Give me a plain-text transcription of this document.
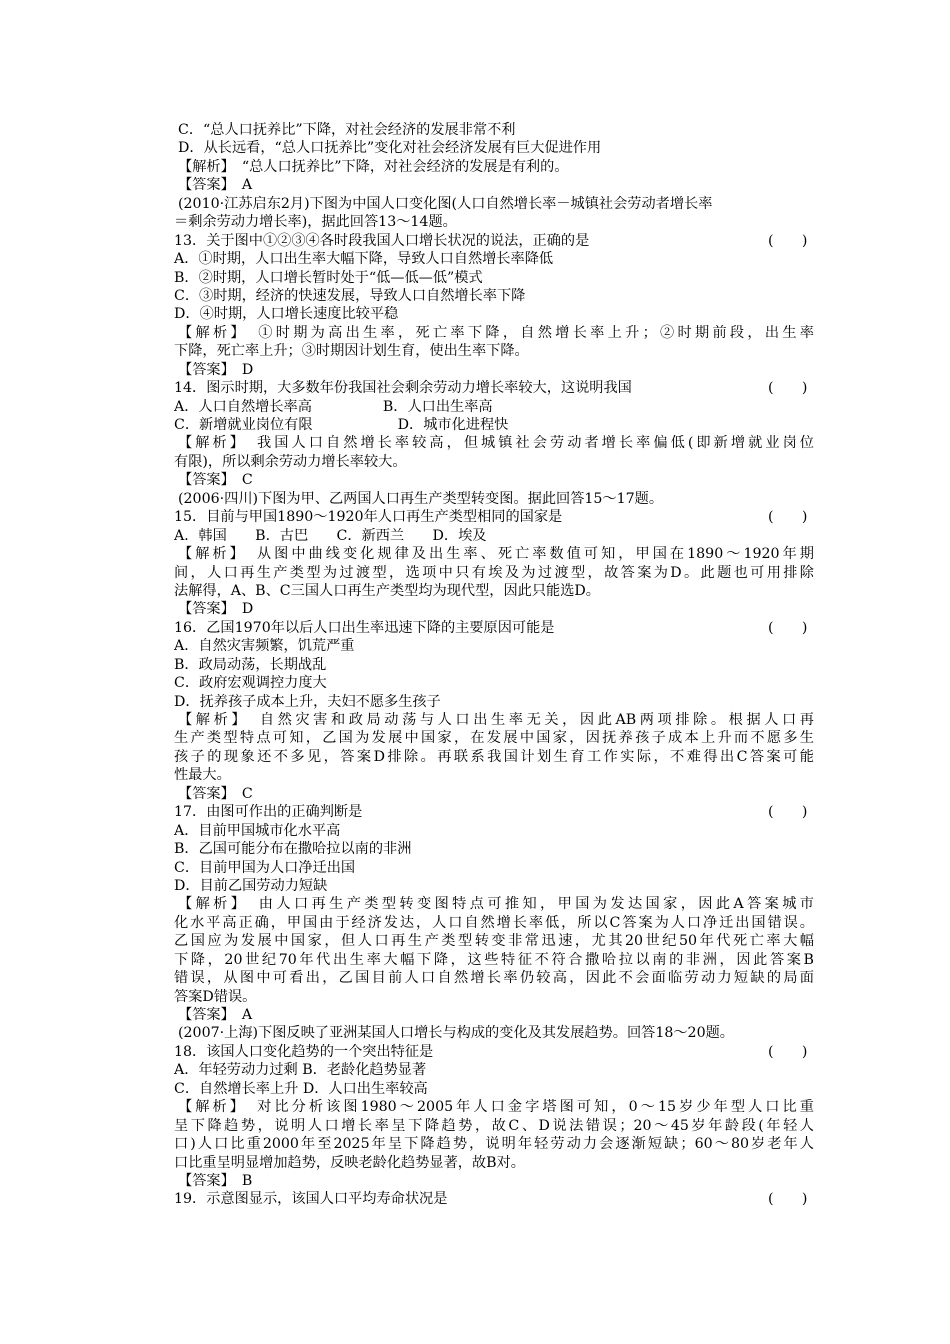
C．“总人口抚养比”下降，对社会经济的发展非常不利
D．从长远看，“总人口抚养比”变化对社会经济发展有巨大促进作用
【解析】　“总人口抚养比”下降，对社会经济的发展是有利的。
【答案】　A
(2010·江苏启东2月)下图为中国人口变化图(人口自然增长率－城镇社会劳动者增长率
＝剩余劳动力增长率)，据此回答13～14题。
13．关于图中①②③④各时段我国人口增长状况的说法，正确的是	(　　)
A．①时期，人口出生率大幅下降，导致人口自然增长率降低
B．②时期，人口增长暂时处于“低—低—低”模式
C．③时期，经济的快速发展，导致人口自然增长率下降
D．④时期，人口增长速度比较平稳
【解析】　①时期为高出生率，死亡率下降，自然增长率上升；②时期前段，出生率
下降，死亡率上升；③时期因计划生育，使出生率下降。
【答案】　D
14．图示时期，大多数年份我国社会剩余劳动力增长率较大，这说明我国	(　　)
A．人口自然增长率高　　　　　B．人口出生率高
C．新增就业岗位有限　　　　　　D．城市化进程快
【解析】　我国人口自然增长率较高，但城镇社会劳动者增长率偏低(即新增就业岗位
有限)，所以剩余劳动力增长率较大。
【答案】　C
(2006·四川)下图为甲、乙两国人口再生产类型转变图。据此回答15～17题。
15．目前与甲国1890～1920年人口再生产类型相同的国家是	(　　)
A．韩国　　B．古巴　　C．新西兰　　D．埃及
【解析】　从图中曲线变化规律及出生率、死亡率数值可知，甲国在1890～1920年期
间，人口再生产类型为过渡型，选项中只有埃及为过渡型，故答案为D。此题也可用排除
法解得，A、B、C三国人口再生产类型均为现代型，因此只能选D。
【答案】　D
16．乙国1970年以后人口出生率迅速下降的主要原因可能是	(　　)
A．自然灾害频繁，饥荒严重
B．政局动荡，长期战乱
C．政府宏观调控力度大
D．抚养孩子成本上升，夫妇不愿多生孩子
【解析】　自然灾害和政局动荡与人口出生率无关，因此AB两项排除。根据人口再
生产类型特点可知，乙国为发展中国家，在发展中国家，因抚养孩子成本上升而不愿多生
孩子的现象还不多见，答案D排除。再联系我国计划生育工作实际，不难得出C答案可能
性最大。
【答案】　C
17．由图可作出的正确判断是	(　　)
A．目前甲国城市化水平高
B．乙国可能分布在撒哈拉以南的非洲
C．目前甲国为人口净迁出国
D．目前乙国劳动力短缺
【解析】　由人口再生产类型转变图特点可推知，甲国为发达国家，因此A答案城市
化水平高正确，甲国由于经济发达，人口自然增长率低，所以C答案为人口净迁出国错误。
乙国应为发展中国家，但人口再生产类型转变非常迅速，尤其20世纪50年代死亡率大幅
下降，20世纪70年代出生率大幅下降，这些特征不符合撒哈拉以南的非洲，因此答案B
错误，从图中可看出，乙国目前人口自然增长率仍较高，因此不会面临劳动力短缺的局面
答案D错误。
【答案】　A
(2007·上海)下图反映了亚洲某国人口增长与构成的变化及其发展趋势。回答18～20题。
18．该国人口变化趋势的一个突出特征是	(　　)
A．年轻劳动力过剩 B．老龄化趋势显著
C．自然增长率上升 D．人口出生率较高
【解析】　对比分析该图1980～2005年人口金字塔图可知，0～15岁少年型人口比重
呈下降趋势，说明人口增长率呈下降趋势，故C、D说法错误；20～45岁年龄段(年轻人
口)人口比重2000年至2025年呈下降趋势，说明年轻劳动力会逐渐短缺；60～80岁老年人
口比重呈明显增加趋势，反映老龄化趋势显著，故B对。
【答案】　B
19．示意图显示，该国人口平均寿命状况是	(　　)
